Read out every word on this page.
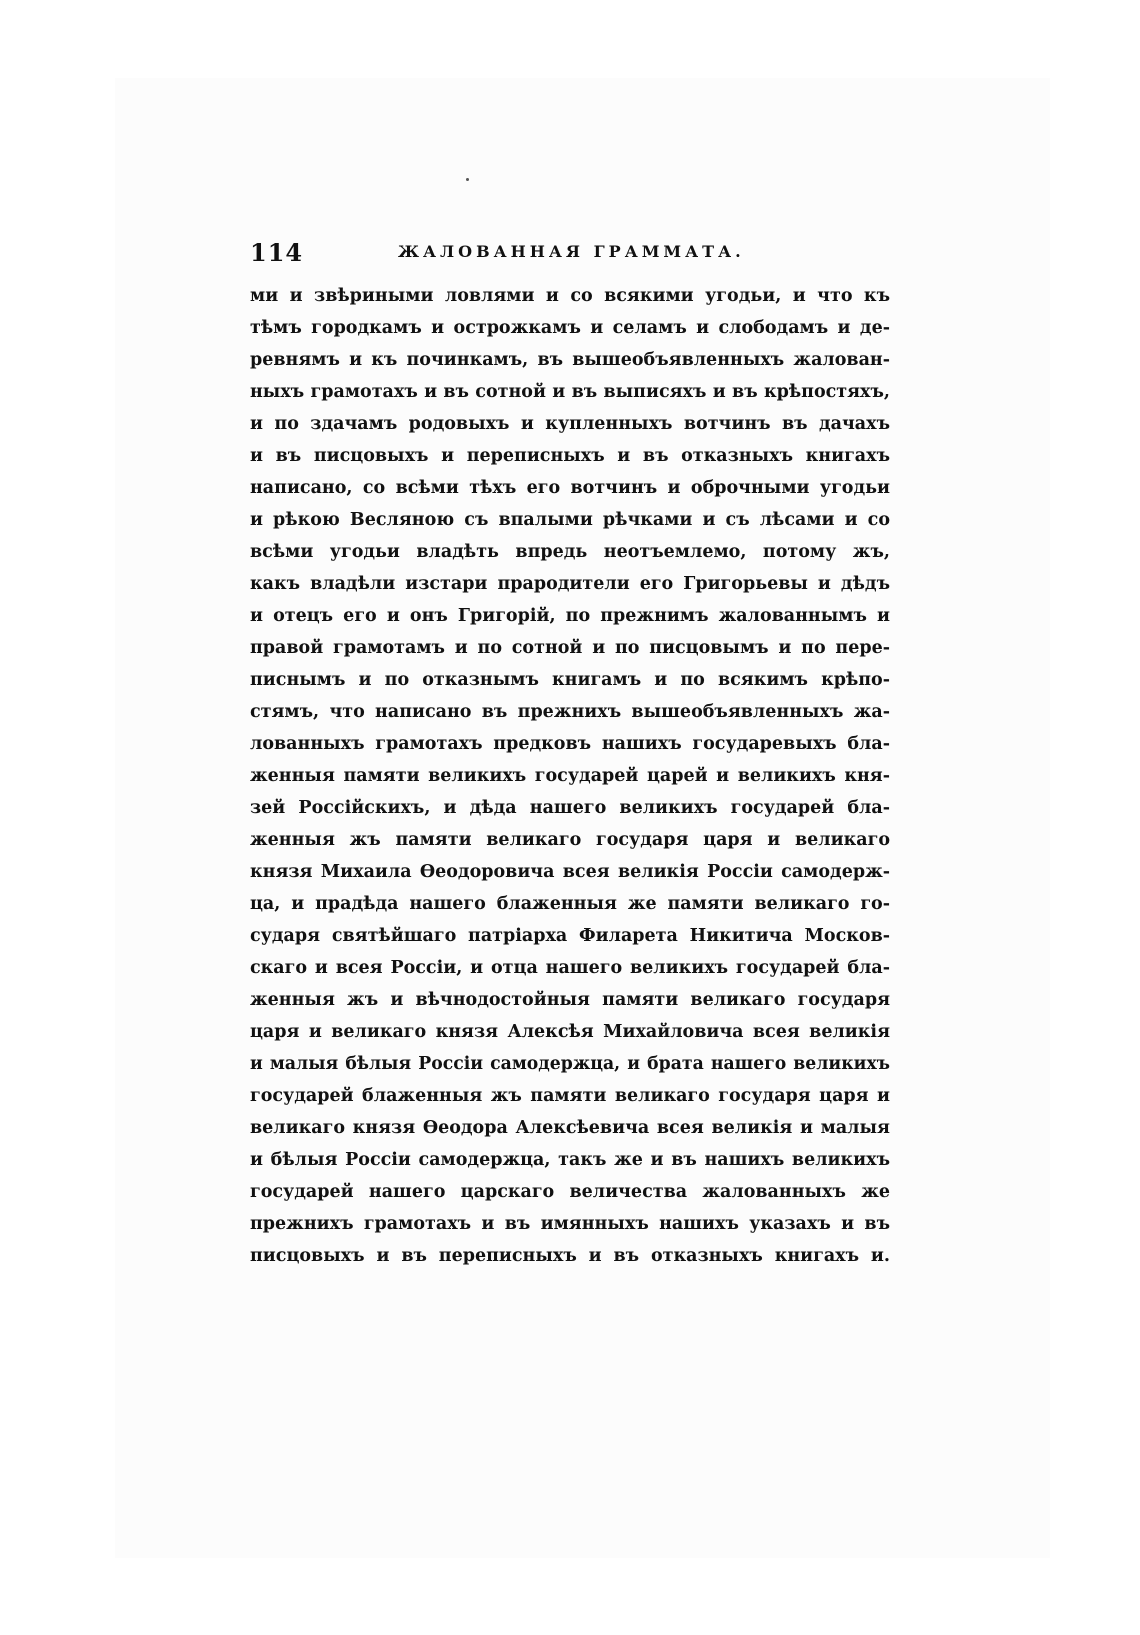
114	ЖАЛОВАННАЯ ГРАММАТА.
ми и звѣриными ловлями и со всякими угодьи, и что къ
тѣмъ городкамъ и острожкамъ и селамъ и слободамъ и де-
ревнямъ и къ починкамъ, въ вышеобъявленныхъ жалован-
ныхъ грамотахъ и въ сотной и въ выписяхъ и въ крѣпостяхъ,
и по здачамъ родовыхъ и купленныхъ вотчинъ въ дачахъ
и въ писцовыхъ и переписныхъ и въ отказныхъ книгахъ
написано, со всѣми тѣхъ его вотчинъ и оброчными угодьи
и рѣкою Весляною съ впалыми рѣчками и съ лѣсами и со
всѣми угодьи владѣть впредь неотъемлемо, потому жъ,
какъ владѣли изстари прародители его Григорьевы и дѣдъ
и отецъ его и онъ Григорій, по прежнимъ жалованнымъ и
правой грамотамъ и по сотной и по писцовымъ и по пере-
писнымъ и по отказнымъ книгамъ и по всякимъ крѣпо-
стямъ, что написано въ прежнихъ вышеобъявленныхъ жа-
лованныхъ грамотахъ предковъ нашихъ государевыхъ бла-
женныя памяти великихъ государей царей и великихъ кня-
зей Россійскихъ, и дѣда нашего великихъ государей бла-
женныя жъ памяти великаго государя царя и великаго
князя Михаила Ѳеодоровича всея великія Россіи самодерж-
ца, и прадѣда нашего блаженныя же памяти великаго го-
сударя святѣйшаго патріарха Филарета Никитича Москов-
скаго и всея Россіи, и отца нашего великихъ государей бла-
женныя жъ и вѣчнодостойныя памяти великаго государя
царя и великаго князя Алексѣя Михайловича всея великія
и малыя бѣлыя Россіи самодержца, и брата нашего великихъ
государей блаженныя жъ памяти великаго государя царя и
великаго князя Ѳеодора Алексѣевича всея великія и малыя
и бѣлыя Россіи самодержца, такъ же и въ нашихъ великихъ
государей нашего царскаго величества жалованныхъ же
прежнихъ грамотахъ и въ имянныхъ нашихъ указахъ и въ
писцовыхъ и въ переписныхъ и въ отказныхъ книгахъ и.
